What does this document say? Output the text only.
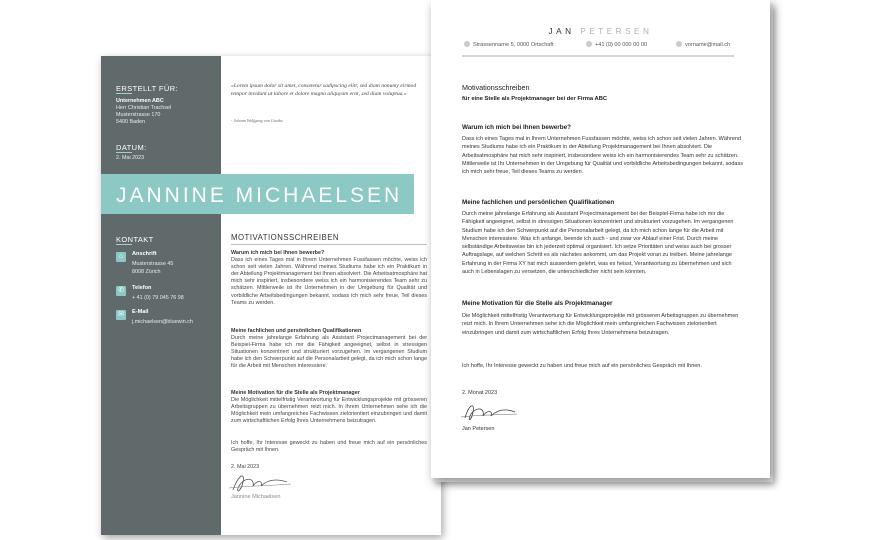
ERSTELLT FÜR:
Unternehmen ABC
Herr Christian Trachsel
Musterstrasse 170
5400 Baden
DATUM:
2. Mai 2023
«Lorem ipsum dolor sit amet, consetetur sadipscing elitr, sed diam nonumy eirmod tempor invidunt ut labore et dolore magna aliquyam erat, sed diam voluptua.»
- Johann Wolfgang von Goethe
JANNINE MICHAELSEN
KONTAKT
⌂	Anschrift
Musterstrasse 45
8008 Zürich
✆	Telefon
+ 41 (0) 79 045 76 98
✉	E-Mail
j.michaelsen@bluewin.ch
MOTIVATIONSSCHREIBEN
Warum ich mich bei Ihnen bewerbe?
Dass ich eines Tages mal in Ihrem Unternehmen Fussfassen möchte, weiss ich schon seit vielen Jahren. Während meines Studiums habe ich ein Praktikum in der Abteilung Projektmanagement bei Ihnen absolviert. Die Arbeitsatmosphäre hat mich sehr inspiriert, insbesondere weiss ich ein harmonisierendes Team sehr zu schätzen. Mittlerweile ist Ihr Unternehmen in der Umgebung für Qualität und vorbildliche Arbeitsbedingungen bekannt, sodass ich mich sehr freue, Teil dieses Teams zu werden.
Meine fachlichen und persönlichen Qualifikationen
Durch meine jahrelange Erfahrung als Assistant Projectmanagement bei der Beispiel-Firma habe ich mir die Fähigkeit angeeignet, selbst in stressigen Situationen konzentriert und strukturiert vorzugehen. Im vergangenen Studium habe ich den Schwerpunkt auf die Personalarbeit gelegt, da ich mich schon lange für die Arbeit mit Menschen interessiere.
Meine Motivation für die Stelle als Projektmanager
Die Möglichkeit mittelfristig Verantwortung für Entwicklungsprojekte mit grösseren Arbeitsgruppen zu übernehmen reizt mich. In Ihrem Unternehmen sehe ich die Möglichkeit mein umfangreiches Fachwissen zielorientiert einzubringen und damit zum wirtschaftlichen Erfolg Ihres Unternehmens beizutragen.
Ich hoffe, Ihr Interesse geweckt zu haben und freue mich auf ein persönliches Gespräch mit Ihnen.
2. Mai 2023
Jannine Michaelsen
JAN PETERSEN
Strassenname 5, 0000 Ortschaft	+41 (0) 00 000 00 00	vorname@mail.ch
Motivationsschreiben
für eine Stelle als Projektmanager bei der Firma ABC
Warum ich mich bei Ihnen bewerbe?
Dass ich eines Tages mal in Ihrem Unternehmen Fussfassen möchte, weiss ich schon seit vielen Jahren. Während meines Studiums habe ich ein Praktikum in der Abteilung Projektmanagement bei Ihnen absolviert. Die Arbeitsatmosphäre hat mich sehr inspiriert, insbesondere weiss ich ein harmonisierendes Team sehr zu schätzen. Mittlerweile ist Ihr Unternehmen in der Umgebung für Qualität und vorbildliche Arbeitsbedingungen bekannt, sodass ich mich sehr freue, Teil dieses Teams zu werden.
Meine fachlichen und persönlichen Qualifikationen
Durch meine jahrelange Erfahrung als Assistant Projectmanagement bei der Beispiel-Firma habe ich mir die Fähigkeit angeeignet, selbst in stressigen Situationen konzentriert und strukturiert vorzugehen. Im vergangenen Studium habe ich den Schwerpunkt auf die Personalarbeit gelegt, da ich mich schon lange für die Arbeit mit Menschen interessiere. Was ich anfange, beende ich auch - und zwar vor Ablauf einer Frist. Durch meine selbständige Arbeitsweise bin ich jederzeit optimal organisiert. Ich setze Prioritäten und weiss auch bei grosser Auftragslage, auf welchen Schritt es als nächstes ankommt, um das Projekt voran zu treiben. Meine jahrelange Erfahrung in der Firma XY hat mich ausserdem gelehrt, was es heisst, Verantwortung zu übernehmen und sich auch in Lebenslagen zu versetzen, die unterschiedlicher nicht sein könnten.
Meine Motivation für die Stelle als Projektmanager
Die Möglichkeit mittelfristig Verantwortung für Entwicklungsprojekte mit grösseren Arbeitsgruppen zu übernehmen reizt mich. In Ihrem Unternehmen sehe ich die Möglichkeit mein umfangreichen Fachwissen zielorientiert einzubringen und damit zum wirtschaftlichen Erfolg Ihres Unternehmens beizutragen.
Ich hoffe, Ihr Interesse geweckt zu haben und freue mich auf ein persönliches Gespräch mit Ihnen.
2. Monat 2023
Jan Petersen
